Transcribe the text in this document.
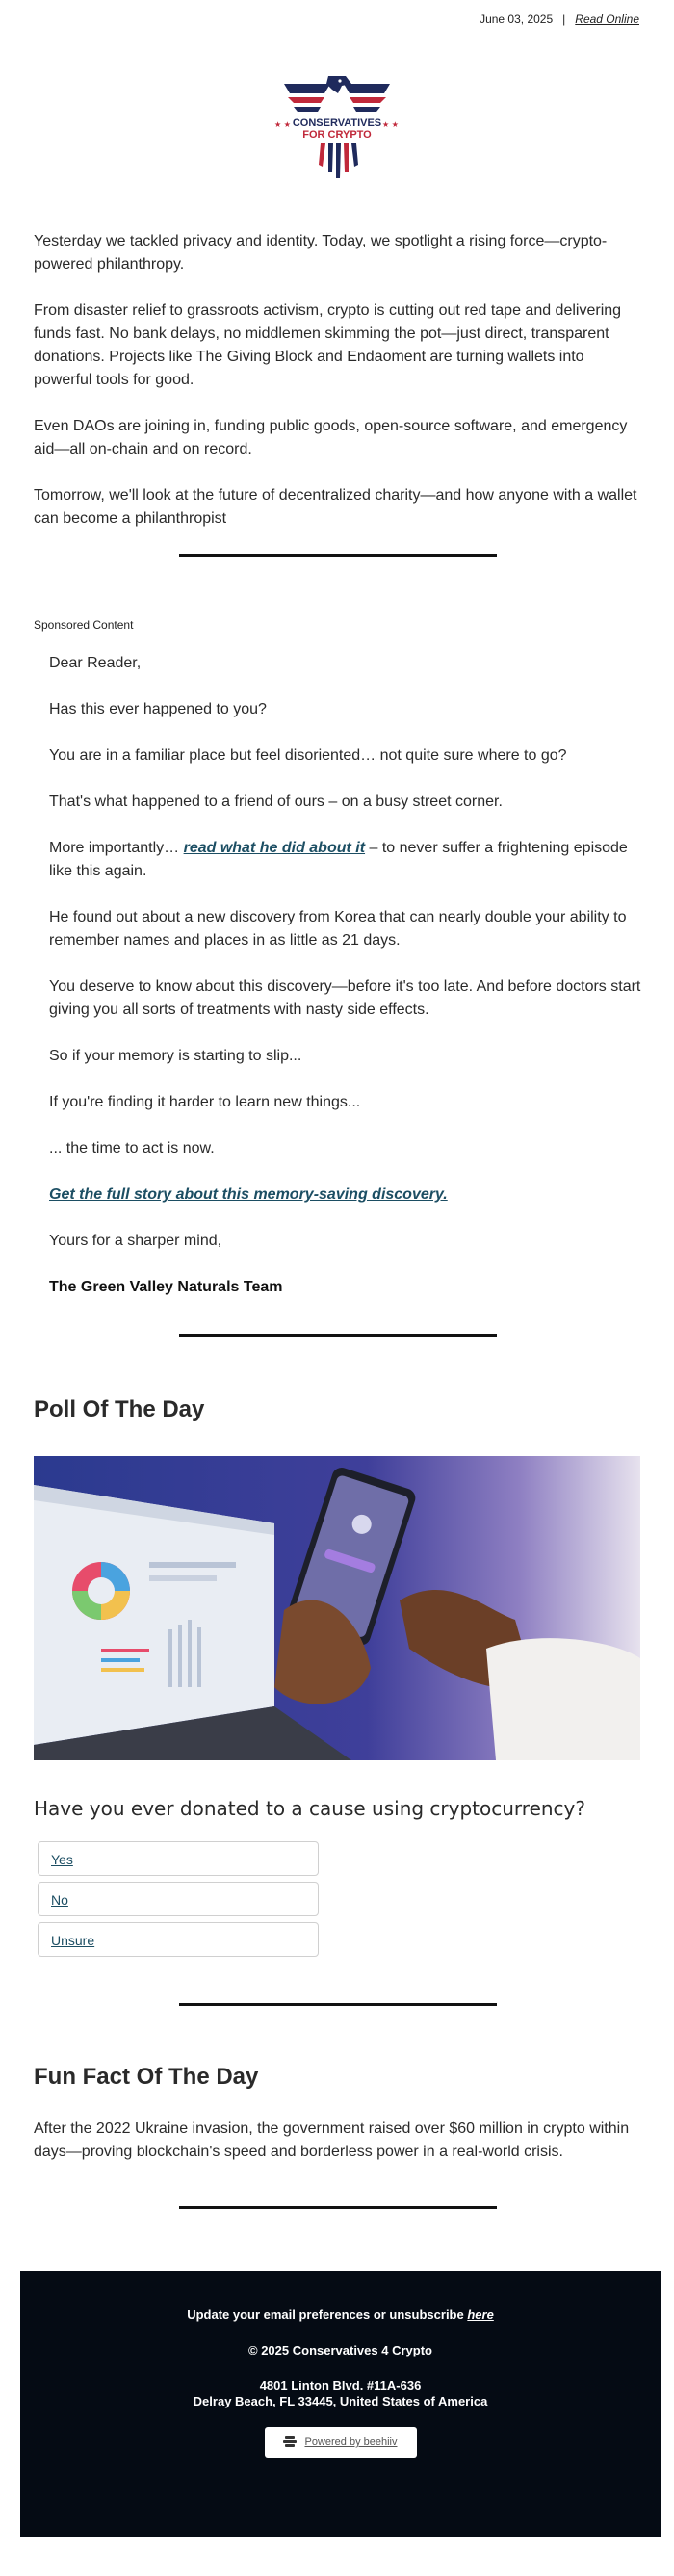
June 03, 2025 | Read Online
★ ★	★ ★
CONSERVATIVES
FOR CRYPTO

Yesterday we tackled privacy and identity. Today, we spotlight a rising force—crypto-powered philanthropy.

From disaster relief to grassroots activism, crypto is cutting out red tape and delivering funds fast. No bank delays, no middlemen skimming the pot—just direct, transparent donations. Projects like The Giving Block and Endaoment are turning wallets into powerful tools for good.

Even DAOs are joining in, funding public goods, open-source software, and emergency aid—all on-chain and on record.

Tomorrow, we'll look at the future of decentralized charity—and how anyone with a wallet can become a philanthropist

Sponsored Content

Dear Reader,

Has this ever happened to you?

You are in a familiar place but feel disoriented… not quite sure where to go?

That's what happened to a friend of ours – on a busy street corner.

More importantly… read what he did about it – to never suffer a frightening episode like this again.

He found out about a new discovery from Korea that can nearly double your ability to remember names and places in as little as 21 days.

You deserve to know about this discovery—before it's too late. And before doctors start giving you all sorts of treatments with nasty side effects.

So if your memory is starting to slip...

If you're finding it harder to learn new things...

... the time to act is now.

Get the full story about this memory-saving discovery.

Yours for a sharper mind,

The Green Valley Naturals Team

Poll Of The Day
Have you ever donated to a cause using cryptocurrency?
Yes
No
Unsure
Fun Fact Of The Day

After the 2022 Ukraine invasion, the government raised over $60 million in crypto within days—proving blockchain's speed and borderless power in a real-world crisis.

Update your email preferences or unsubscribe here
© 2025 Conservatives 4 Crypto
4801 Linton Blvd. #11A-636
Delray Beach, FL 33445, United States of America
Powered by beehiiv
